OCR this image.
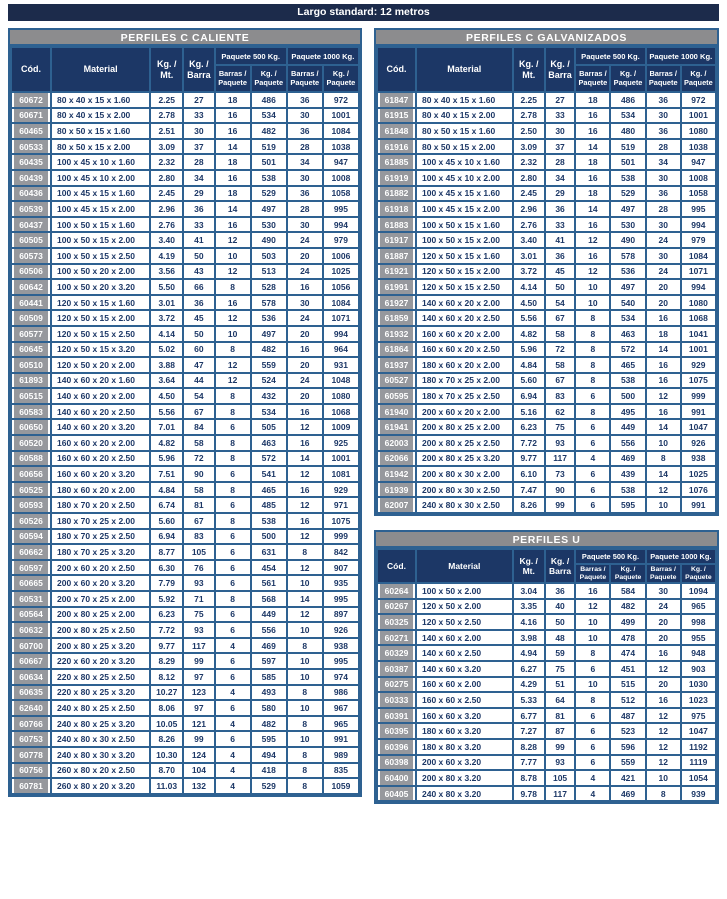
Largo standard: 12 metros
PERFILES C CALIENTE
Cód.	Material	Kg. / Mt.	Kg. / Barra	Paquete 500 Kg.		Paquete 1000 Kg.	
				Barras / Paquete	Kg. / Paquete	Barras / Paquete	Kg. / Paquete
60672	80 x 40 x 15 x 1.60	2.25	27	18	486	36	972
60671	80 x 40 x 15 x 2.00	2.78	33	16	534	30	1001
60465	80 x 50 x 15 x 1.60	2.51	30	16	482	36	1084
60533	80 x 50 x 15 x 2.00	3.09	37	14	519	28	1038
60435	100 x 45 x 10 x 1.60	2.32	28	18	501	34	947
60439	100 x 45 x 10 x 2.00	2.80	34	16	538	30	1008
60436	100 x 45 x 15 x 1.60	2.45	29	18	529	36	1058
60539	100 x 45 x 15 x 2.00	2.96	36	14	497	28	995
60437	100 x 50 x 15 x 1.60	2.76	33	16	530	30	994
60505	100 x 50 x 15 x 2.00	3.40	41	12	490	24	979
60573	100 x 50 x 15 x 2.50	4.19	50	10	503	20	1006
60506	100 x 50 x 20 x 2.00	3.56	43	12	513	24	1025
60642	100 x 50 x 20 x 3.20	5.50	66	8	528	16	1056
60441	120 x 50 x 15 x 1.60	3.01	36	16	578	30	1084
60509	120 x 50 x 15 x 2.00	3.72	45	12	536	24	1071
60577	120 x 50 x 15 x 2.50	4.14	50	10	497	20	994
60645	120 x 50 x 15 x 3.20	5.02	60	8	482	16	964
60510	120 x 50 x 20 x 2.00	3.88	47	12	559	20	931
61893	140 x 60 x 20 x 1.60	3.64	44	12	524	24	1048
60515	140 x 60 x 20 x 2.00	4.50	54	8	432	20	1080
60583	140 x 60 x 20 x 2.50	5.56	67	8	534	16	1068
60650	140 x 60 x 20 x 3.20	7.01	84	6	505	12	1009
60520	160 x 60 x 20 x 2.00	4.82	58	8	463	16	925
60588	160 x 60 x 20 x 2.50	5.96	72	8	572	14	1001
60656	160 x 60 x 20 x 3.20	7.51	90	6	541	12	1081
60525	180 x 60 x 20 x 2.00	4.84	58	8	465	16	929
60593	180 x 70 x 20 x 2.50	6.74	81	6	485	12	971
60526	180 x 70 x 25 x 2.00	5.60	67	8	538	16	1075
60594	180 x 70 x 25 x 2.50	6.94	83	6	500	12	999
60662	180 x 70 x 25 x 3.20	8.77	105	6	631	8	842
60597	200 x 60 x 20 x 2.50	6.30	76	6	454	12	907
60665	200 x 60 x 20 x 3.20	7.79	93	6	561	10	935
60531	200 x 70 x 25 x 2.00	5.92	71	8	568	14	995
60564	200 x 80 x 25 x 2.00	6.23	75	6	449	12	897
60632	200 x 80 x 25 x 2.50	7.72	93	6	556	10	926
60700	200 x 80 x 25 x 3.20	9.77	117	4	469	8	938
60667	220 x 60 x 20 x 3.20	8.29	99	6	597	10	995
60634	220 x 80 x 25 x 2.50	8.12	97	6	585	10	974
60635	220 x 80 x 25 x 3.20	10.27	123	4	493	8	986
62640	240 x 80 x 25 x 2.50	8.06	97	6	580	10	967
60766	240 x 80 x 25 x 3.20	10.05	121	4	482	8	965
60753	240 x 80 x 30 x 2.50	8.26	99	6	595	10	991
60778	240 x 80 x 30 x 3.20	10.30	124	4	494	8	989
60756	260 x 80 x 20 x 2.50	8.70	104	4	418	8	835
60781	260 x 80 x 20 x 3.20	11.03	132	4	529	8	1059
PERFILES C GALVANIZADOS
Cód.	Material	Kg. / Mt.	Kg. / Barra	Paquete 500 Kg.		Paquete 1000 Kg.	
				Barras / Paquete	Kg. / Paquete	Barras / Paquete	Kg. / Paquete
61847	80 x 40 x 15 x 1.60	2.25	27	18	486	36	972
61915	80 x 40 x 15 x 2.00	2.78	33	16	534	30	1001
61848	80 x 50 x 15 x 1.60	2.50	30	16	480	36	1080
61916	80 x 50 x 15 x 2.00	3.09	37	14	519	28	1038
61885	100 x 45 x 10 x 1.60	2.32	28	18	501	34	947
61919	100 x 45 x 10 x 2.00	2.80	34	16	538	30	1008
61882	100 x 45 x 15 x 1.60	2.45	29	18	529	36	1058
61918	100 x 45 x 15 x 2.00	2.96	36	14	497	28	995
61883	100 x 50 x 15 x 1.60	2.76	33	16	530	30	994
61917	100 x 50 x 15 x 2.00	3.40	41	12	490	24	979
61887	120 x 50 x 15 x 1.60	3.01	36	16	578	30	1084
61921	120 x 50 x 15 x 2.00	3.72	45	12	536	24	1071
61991	120 x 50 x 15 x 2.50	4.14	50	10	497	20	994
61927	140 x 60 x 20 x 2.00	4.50	54	10	540	20	1080
61859	140 x 60 x 20 x 2.50	5.56	67	8	534	16	1068
61932	160 x 60 x 20 x 2.00	4.82	58	8	463	18	1041
61864	160 x 60 x 20 x 2.50	5.96	72	8	572	14	1001
61937	180 x 60 x 20 x 2.00	4.84	58	8	465	16	929
60527	180 x 70 x 25 x 2.00	5.60	67	8	538	16	1075
60595	180 x 70 x 25 x 2.50	6.94	83	6	500	12	999
61940	200 x 60 x 20 x 2.00	5.16	62	8	495	16	991
61941	200 x 80 x 25 x 2.00	6.23	75	6	449	14	1047
62003	200 x 80 x 25 x 2.50	7.72	93	6	556	10	926
62066	200 x 80 x 25 x 3.20	9.77	117	4	469	8	938
61942	200 x 80 x 30 x 2.00	6.10	73	6	439	14	1025
61939	200 x 80 x 30 x 2.50	7.47	90	6	538	12	1076
62007	240 x 80 x 30 x 2.50	8.26	99	6	595	10	991
PERFILES U
Cód.	Material	Kg. / Mt.	Kg. / Barra	Paquete 500 Kg.		Paquete 1000 Kg.	
				Barras / Paquete	Kg. / Paquete	Barras / Paquete	Kg. / Paquete
60264	100 x 50 x 2.00	3.04	36	16	584	30	1094
60267	120 x 50 x 2.00	3.35	40	12	482	24	965
60325	120 x 50 x 2.50	4.16	50	10	499	20	998
60271	140 x 60 x 2.00	3.98	48	10	478	20	955
60329	140 x 60 x 2.50	4.94	59	8	474	16	948
60387	140 x 60 x 3.20	6.27	75	6	451	12	903
60275	160 x 60 x 2.00	4.29	51	10	515	20	1030
60333	160 x 60 x 2.50	5.33	64	8	512	16	1023
60391	160 x 60 x 3.20	6.77	81	6	487	12	975
60395	180 x 60 x 3.20	7.27	87	6	523	12	1047
60396	180 x 80 x 3.20	8.28	99	6	596	12	1192
60398	200 x 60 x 3.20	7.77	93	6	559	12	1119
60400	200 x 80 x 3.20	8.78	105	4	421	10	1054
60405	240 x 80 x 3.20	9.78	117	4	469	8	939
